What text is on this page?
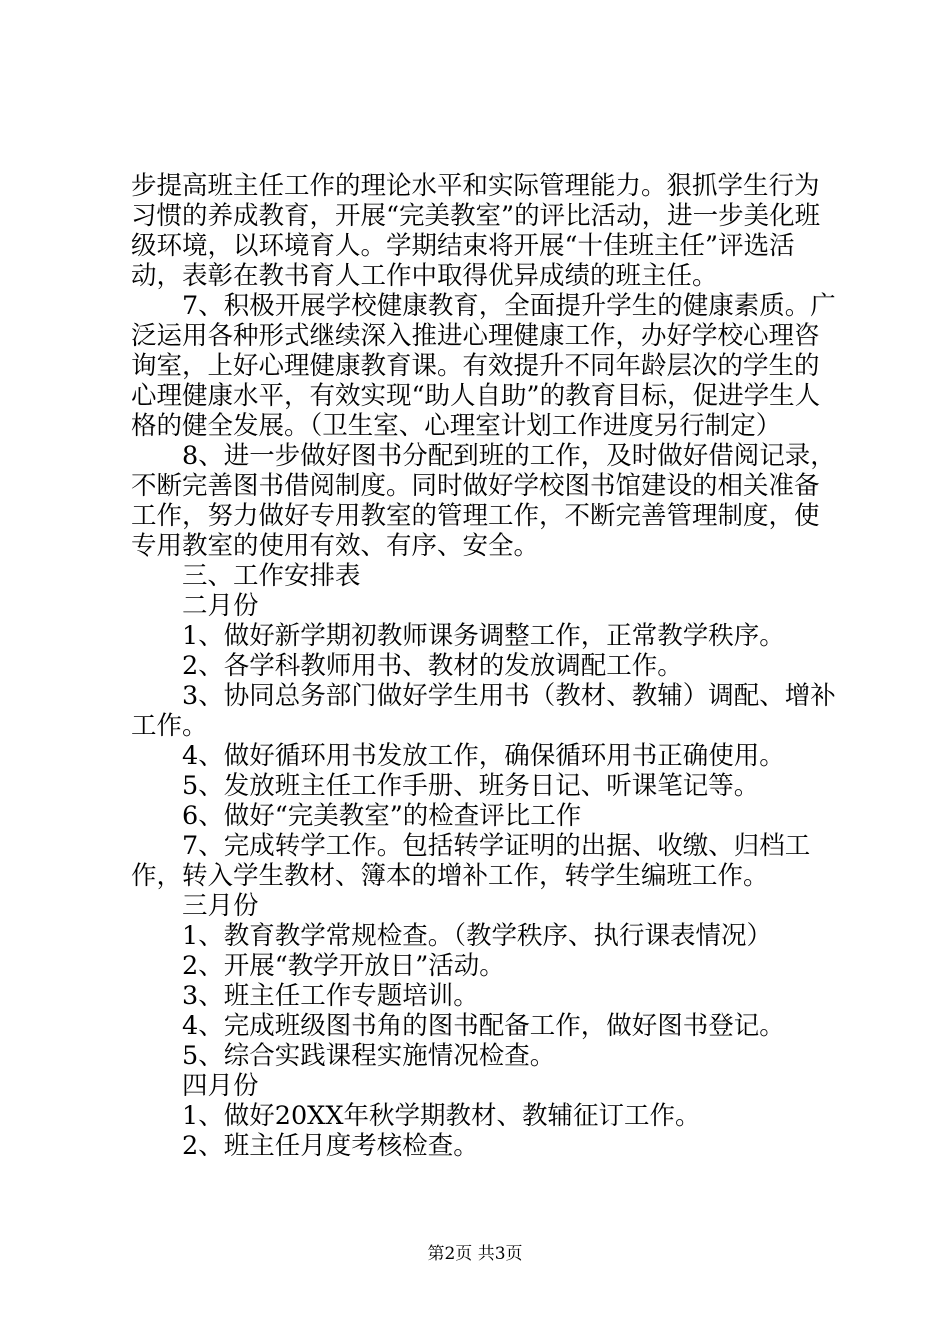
步提高班主任工作的理论水平和实际管理能力。狠抓学生行为习惯的养成教育，开展“完美教室”的评比活动，进一步美化班级环境，以环境育人。学期结束将开展“十佳班主任”评选活动，表彰在教书育人工作中取得优异成绩的班主任。

7、积极开展学校健康教育，全面提升学生的健康素质。广泛运用各种形式继续深入推进心理健康工作，办好学校心理咨询室，上好心理健康教育课。有效提升不同年龄层次的学生的心理健康水平，有效实现“助人自助”的教育目标，促进学生人格的健全发展。（卫生室、心理室计划工作进度另行制定）

8、进一步做好图书分配到班的工作，及时做好借阅记录，不断完善图书借阅制度。同时做好学校图书馆建设的相关准备工作，努力做好专用教室的管理工作，不断完善管理制度，使专用教室的使用有效、有序、安全。

三、工作安排表

二月份

1、做好新学期初教师课务调整工作，正常教学秩序。

2、各学科教师用书、教材的发放调配工作。

3、协同总务部门做好学生用书（教材、教辅）调配、增补工作。

4、做好循环用书发放工作，确保循环用书正确使用。

5、发放班主任工作手册、班务日记、听课笔记等。

6、做好“完美教室”的检查评比工作

7、完成转学工作。包括转学证明的出据、收缴、归档工作，转入学生教材、簿本的增补工作，转学生编班工作。

三月份

1、教育教学常规检查。（教学秩序、执行课表情况）

2、开展“教学开放日”活动。

3、班主任工作专题培训。

4、完成班级图书角的图书配备工作，做好图书登记。

5、综合实践课程实施情况检查。

四月份

1、做好20XX年秋学期教材、教辅征订工作。

2、班主任月度考核检查。

第2页 共3页
